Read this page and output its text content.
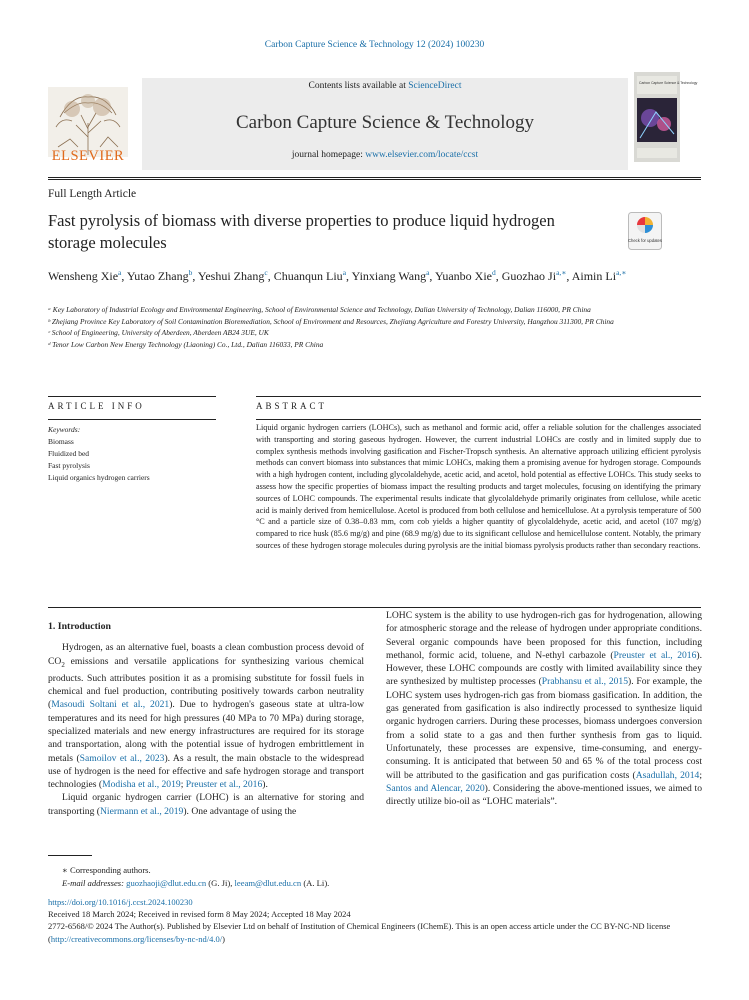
Carbon Capture Science & Technology 12 (2024) 100230
ELSEVIER
Contents lists available at ScienceDirect
Carbon Capture Science & Technology
journal homepage: www.elsevier.com/locate/ccst
Carbon Capture Science & Technology
Full Length Article
Fast pyrolysis of biomass with diverse properties to produce liquid hydrogen storage molecules	Check for updates
Wensheng Xie$^a$, Yutao Zhang$^b$, Yeshui Zhang$^c$, Chuanqun Liu$^a$, Yinxiang Wang$^a$, Yuanbo Xie$^d$, Guozhao $Ji^{a,∗}$, Aimin $Li^{a,∗}$
ᵃ Key Laboratory of Industrial Ecology and Environmental Engineering, School of Environmental Science and Technology, Dalian University of Technology, Dalian 116000, PR China
ᵇ Zhejiang Province Key Laboratory of Soil Contamination Bioremediation, School of Environment and Resources, Zhejiang Agriculture and Forestry University, Hangzhou 311300, PR China
ᶜ School of Engineering, University of Aberdeen, Aberdeen AB24 3UE, UK
ᵈ Tenor Low Carbon New Energy Technology (Liaoning) Co., Ltd., Dalian 116033, PR China
ARTICLE INFO	ABSTRACT
Keywords:
Biomass
Fluidized bed
Fast pyrolysis
Liquid organics hydrogen carriers
Liquid organic hydrogen carriers (LOHCs), such as methanol and formic acid, offer a reliable solution for the challenges associated with transporting and storing gaseous hydrogen. However, the current industrial LOHCs are costly and in limited supply due to complex synthesis methods involving gasification and Fischer-Tropsch synthesis. An alternative approach utilizing efficient pyrolysis methods can convert biomass into substances that mimic LOHCs, making them a promising avenue for hydrogen storage. Compounds with a high hydrogen content, including glycolaldehyde, acetic acid, and acetol, hold potential as effective LOHCs. This study seeks to assess how the specific properties of biomass impact the resulting products and target molecules, focusing on identifying the primary sources of LOHC compounds. The experimental results indicate that glycolaldehyde primarily originates from cellulose, while acetic acid is mainly derived from hemicellulose. Acetol is produced from both cellulose and hemicellulose. At a pyrolysis temperature of 500 °C and a particle size of 0.38–0.83 mm, corn cob yields a higher quantity of glycolaldehyde, acetic acid, and acetol (107 mg/g) compared to rice husk (85.6 mg/g) and pine (68.9 mg/g) due to its significant cellulose and hemicellulose content. Notably, the primary sources of these hydrogen storage molecules during pyrolysis are the initial biomass pyrolysis products rather than secondary reactions.
1. Introduction

Hydrogen, as an alternative fuel, boasts a clean combustion process devoid of $CO_2$ emissions and versatile applications for synthesizing various chemical products. Such attributes position it as a promising substitute for fossil fuels in chemical and fuel production, contributing positively towards carbon neutrality (Masoudi Soltani et al., 2021). Due to hydrogen's gaseous state at ultra-low temperatures and its need for high pressures (40 MPa to 70 MPa) during storage, specialized materials and new energy infrastructures are required for its storage and transportation, along with the potential issue of hydrogen embrittlement in metals (Samoilov et al., 2023). As a result, the main obstacle to the widespread use of hydrogen is the need for effective and safe hydrogen storage and transport technologies (Modisha et al., 2019; Preuster et al., 2016).

Liquid organic hydrogen carrier (LOHC) is an alternative for storing and transporting (Niermann et al., 2019). One advantage of using the

LOHC system is the ability to use hydrogen-rich gas for hydrogenation, allowing for atmospheric storage and the release of hydrogen under appropriate conditions. Several organic compounds have been proposed for this function, including methanol, formic acid, toluene, and N-ethyl carbazole (Preuster et al., 2016). However, these LOHC compounds are costly with limited availability since they are synthesized by multistep processes (Prabhansu et al., 2015). For example, the LOHC system uses hydrogen-rich gas from biomass gasification. In addition, the gas generated from gasification is also indirectly processed to synthesize liquid organic hydrogen carriers. During these processes, biomass undergoes conversion from a solid state to a gas and then further synthesis from gas to liquid. Unfortunately, these processes are expensive, time-consuming, and energy-consuming. It is anticipated that between 50 and 65 % of the total process cost will be attributed to the gasification and gas purification costs (Asadullah, 2014; Santos and Alencar, 2020). Considering the above-mentioned issues, we aimed to directly utilize bio-oil as “LOHC materials”.

∗ Corresponding authors.
E-mail addresses: guozhaoji@dlut.edu.cn (G. Ji), leeam@dlut.edu.cn (A. Li).
https://doi.org/10.1016/j.ccst.2024.100230
Received 18 March 2024; Received in revised form 8 May 2024; Accepted 18 May 2024
2772-6568/© 2024 The Author(s). Published by Elsevier Ltd on behalf of Institution of Chemical Engineers (IChemE). This is an open access article under the CC BY-NC-ND license (http://creativecommons.org/licenses/by-nc-nd/4.0/)
